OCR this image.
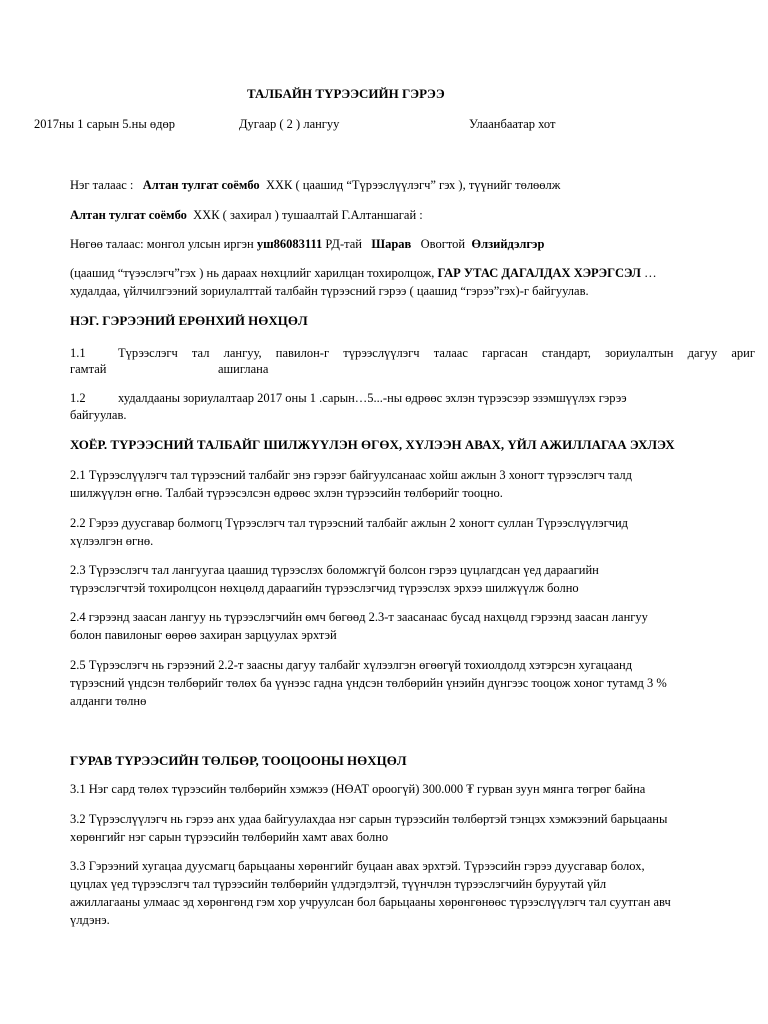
ТАЛБАЙН ТҮРЭЭСИЙН ГЭРЭЭ
2017ны 1 сарын 5.ны өдөр	Дугаар ( 2 ) лангуу	Улаанбаатар хот
Нэг талаас : Алтан тулгат соёмбо ХХК ( цаашид “Түрээслүүлэгч” гэх ), түүнийг төлөөлж
Алтан тулгат соёмбо ХХК ( захирал ) тушаалтай Г.Алтаншагай :
Нөгөө талаас: монгол улсын иргэн уш86083111 РД-тай Шарав Овогтой Өлзийдэлгэр
(цаашид “түээслэгч”гэх ) нь дараах нөхцлийг харилцан тохиролцож, ГАР УТАС ДАГАЛДАХ ХЭРЭГСЭЛ …
худалдаа, үйлчилгээний зориулалттай талбайн түрээсний гэрээ ( цаашид “гэрээ”гэх)-г байгуулав.
НЭГ. ГЭРЭЭНИЙ ЕРӨНХИЙ НӨХЦӨЛ
1.1	Түрээслэгч тал лангуу, павилон-г түрээслүүлэгч талаас гаргасан стандарт, зориулалтын дагуу ариг
гамтай	ашиглана
1.2	худалдааны зориулалтаар 2017 оны 1 .сарын…5...-ны өдрөөс эхлэн түрээсээр эзэмшүүлэх гэрээ
байгуулав.
ХОЁР. ТҮРЭЭСНИЙ ТАЛБАЙГ ШИЛЖҮҮЛЭН ӨГӨХ, ХҮЛЭЭН АВАХ, ҮЙЛ АЖИЛЛАГАА ЭХЛЭХ
2.1 Түрээслүүлэгч тал түрээсний талбайг энэ гэрээг байгуулсанаас хойш ажлын 3 хоногт түрээслэгч талд
шилжүүлэн өгнө. Талбай түрээсэлсэн өдрөөс эхлэн түрээсийн төлбөрийг тооцно.
2.2 Гэрээ дуусгавар болмогц Түрээслэгч тал түрээсний талбайг ажлын 2 хоногт суллан Түрээслүүлэгчид
хүлээлгэн өгнө.
2.3 Түрээслэгч тал лангуугаа цаашид түрээслэх боломжгүй болсон гэрээ цуцлагдсан үед дараагийн
түрээслэгчтэй тохиролцсон нөхцөлд дараагийн түрээслэгчид түрээслэх эрхээ шилжүүлж болно
2.4 гэрээнд заасан лангуу нь түрээслэгчийн өмч бөгөөд 2.3-т заасанаас бусад нахцөлд гэрээнд заасан лангуу
болон павилоныг өөрөө захиран зарцуулах эрхтэй
2.5 Түрээслэгч нь гэрээний 2.2-т заасны дагуу талбайг хүлээлгэн өгөөгүй тохиолдолд хэтэрсэн хугацаанд
түрээсний үндсэн төлбөрийг төлөх ба үүнээс гадна үндсэн төлбөрийн үнэийн дүнгээс тооцож хоног тутамд 3 %
алданги төлнө
ГУРАВ ТҮРЭЭСИЙН ТӨЛБӨР, ТООЦООНЫ НӨХЦӨЛ
3.1 Нэг сард төлөх түрээсийн төлбөрийн хэмжээ (НӨАТ ороогүй) 300.000 ₮ гурван зуун мянга төгрөг байна
3.2 Түрээслүүлэгч нь гэрээ анх удаа байгуулахдаа нэг сарын түрээсийн төлбөртэй тэнцэх хэмжээний барьцааны
хөрөнгийг нэг сарын түрээсийн төлбөрийн хамт авах болно
3.3 Гэрээний хугацаа дуусмагц барьцааны хөрөнгийг буцаан авах эрхтэй. Түрээсийн гэрээ дуусгавар болох,
цуцлах үед түрээслэгч тал түрээсийн төлбөрийн үлдэгдэлтэй, түүнчлэн түрээслэгчийн буруутай үйл
ажиллагааны улмаас эд хөрөнгөнд гэм хор учруулсан бол барьцааны хөрөнгөнөөс түрээслүүлэгч тал суутган авч
үлдэнэ.
